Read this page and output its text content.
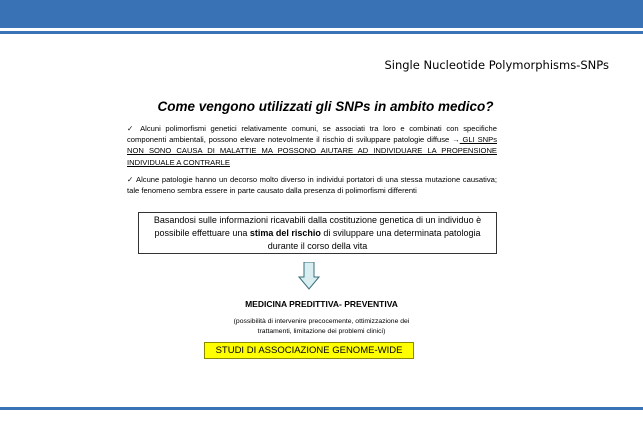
Single Nucleotide Polymorphisms-SNPs
Come vengono utilizzati gli SNPs in ambito medico?
✓ Alcuni polimorfismi genetici relativamente comuni, se associati tra loro e combinati con specifiche componenti ambientali, possono elevare notevolmente il rischio di sviluppare patologie diffuse → GLI SNPs NON SONO CAUSA DI MALATTIE MA POSSONO AIUTARE AD INDIVIDUARE LA PROPENSIONE INDIVIDUALE A CONTRARLE
✓ Alcune patologie hanno un decorso molto diverso in individui portatori di una stessa mutazione causativa; tale fenomeno sembra essere in parte causato dalla presenza di polimorfismi differenti
Basandosi sulle informazioni ricavabili dalla costituzione genetica di un individuo è possibile effettuare una stima del rischio di sviluppare una determinata patologia durante il corso della vita
MEDICINA PREDITTIVA- PREVENTIVA
(possibilità di intervenire precocemente, ottimizzazione dei
trattamenti, limitazione dei problemi clinici)
STUDI DI ASSOCIAZIONE GENOME-WIDE
